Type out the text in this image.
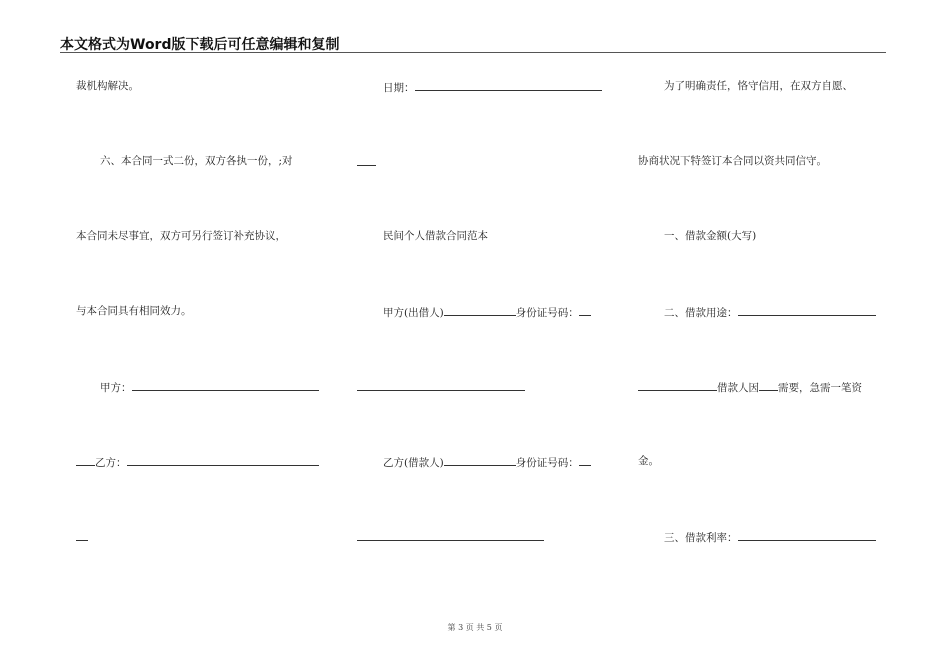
本文格式为Word版下载后可任意编辑和复制
裁机构解决。
六、本合同一式二份，双方各执一份，;对
本合同未尽事宜，双方可另行签订补充协议，
与本合同具有相同效力。
甲方：
乙方：
日期：
民间个人借款合同范本
甲方(出借人)	身份证号码：
乙方(借款人)	身份证号码：
为了明确责任，恪守信用，在双方自愿、
协商状况下特签订本合同以资共同信守。
一、借款金额(大写)
二、借款用途：
借款人因 需要，急需一笔资
金。
三、借款利率：
第 3 页 共 5 页
